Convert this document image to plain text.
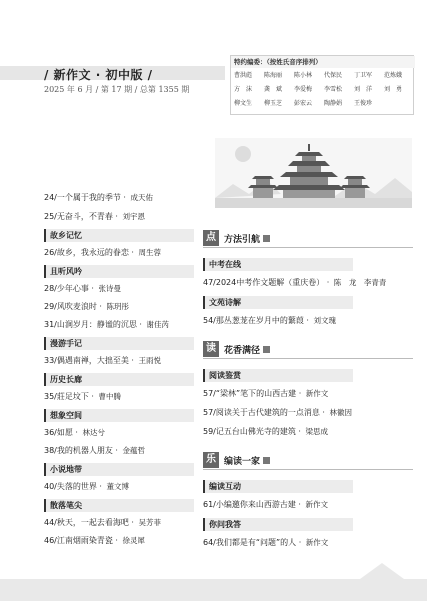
/ 新作文 · 初中版 /
2025 年 6 月 / 第 17 期 / 总第 1355 期
特约编委：（按姓氏音序排列）
曹洪彪	陈海丽	陈小林	代保民	丁卫军	范炼娥
方　沫	龚　斌	李爱梅	李雪松	刘　洋	刘　勇
柳文生	柳玉芝	彭宏云	陶静娟	王俊珍
24/一个属于我的季节 · 成天佑
25/无奋斗，不青春 · 刘宇恩
故乡记忆
26/故乡，我永远的眷恋 · 周生蓉
且听风吟
28/少年心事 · 张诗曼
29/风吹麦浪时 · 陈玥彤
31/山涧岁月：静谧的沉思 · 谢佳芮
漫游手记
33/偶遇南禅，大拙至美 · 王雨悦
历史长廊
35/莊足坟下 · 曹中腾
想象空间
36/如愿 · 林达兮
38/我的机器人朋友 · 金蕴哲
小说地带
40/失落的世界 · 董文博
散落笔尖
44/秋天，一起去看海吧 · 吴芳菲
46/江南烟雨染青瓷 · 徐灵犀
点 方法引航
中考在线
47/2024中考作文题解（重庆卷） · 陈　龙　李青青
文苑诗解
54/那丛葱茏在岁月中的蘩葭 · 刘文瑰
读 花香满径
阅读鉴赏
57/“梁林”笔下的山西古建 · 新作文
57/阅读关于古代建筑的一点消息 · 林徽因
59/记五台山佛光寺的建筑 · 梁思成
乐 编读一家
编读互动
61/小编邀你来山西游古建 · 新作文
你问我答
64/我们都是有“问题”的人 · 新作文
